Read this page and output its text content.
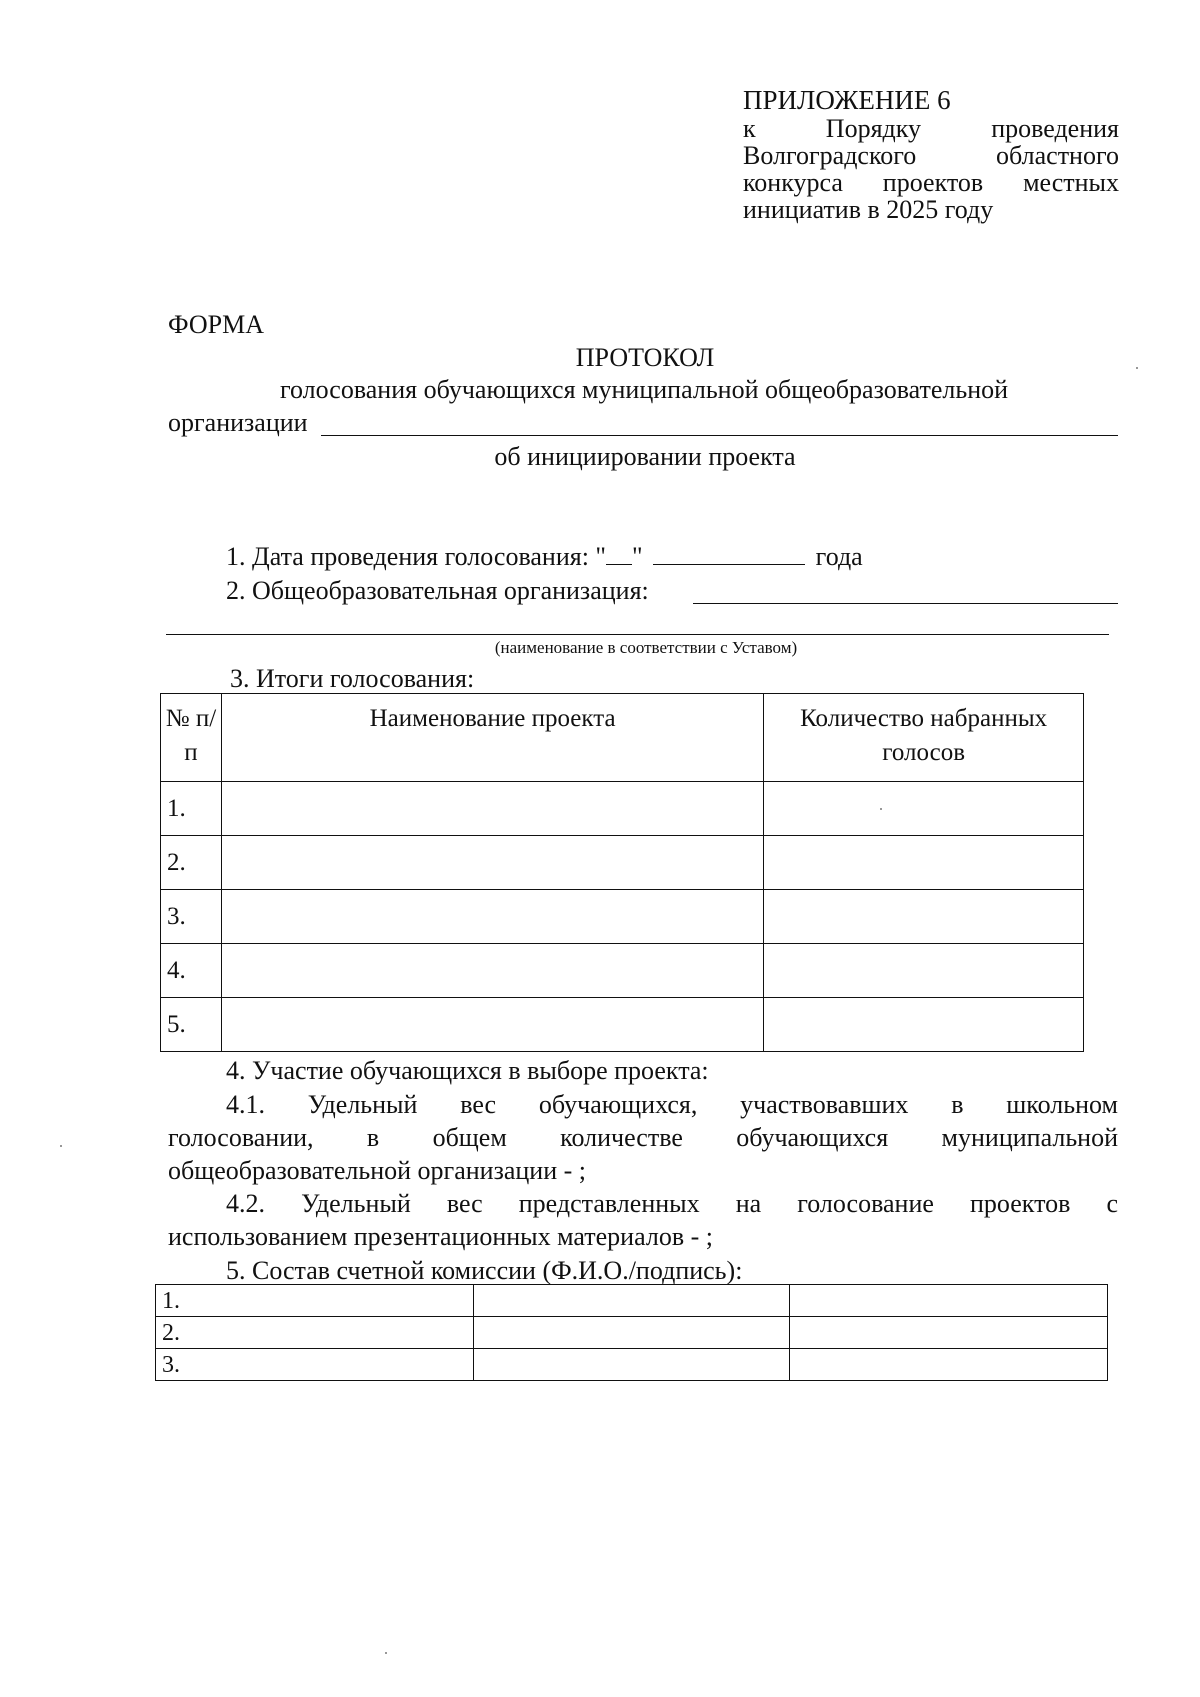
ПРИЛОЖЕНИЕ 6
к Порядку проведения
Волгоградского областного
конкурса проектов местных
инициатив в 2025 году
ФОРМА
ПРОТОКОЛ
голосования обучающихся муниципальной общеобразовательной
организации
об инициировании проекта
1. Дата проведения голосования: " "	года
2. Общеобразовательная организация:
(наименование в соответствии с Уставом)
3. Итоги голосования:
№ п/п	Наименование проекта	Количество набранных голосов
1.		
2.		
3.		
4.		
5.		
4. Участие обучающихся в выборе проекта:
4.1. Удельный вес обучающихся, участвовавших в школьном
голосовании, в общем количестве обучающихся муниципальной
общеобразовательной организации - ;
4.2. Удельный вес представленных на голосование проектов с
использованием презентационных материалов - ;
5. Состав счетной комиссии (Ф.И.О./подпись):
1.		
2.		
3.		
